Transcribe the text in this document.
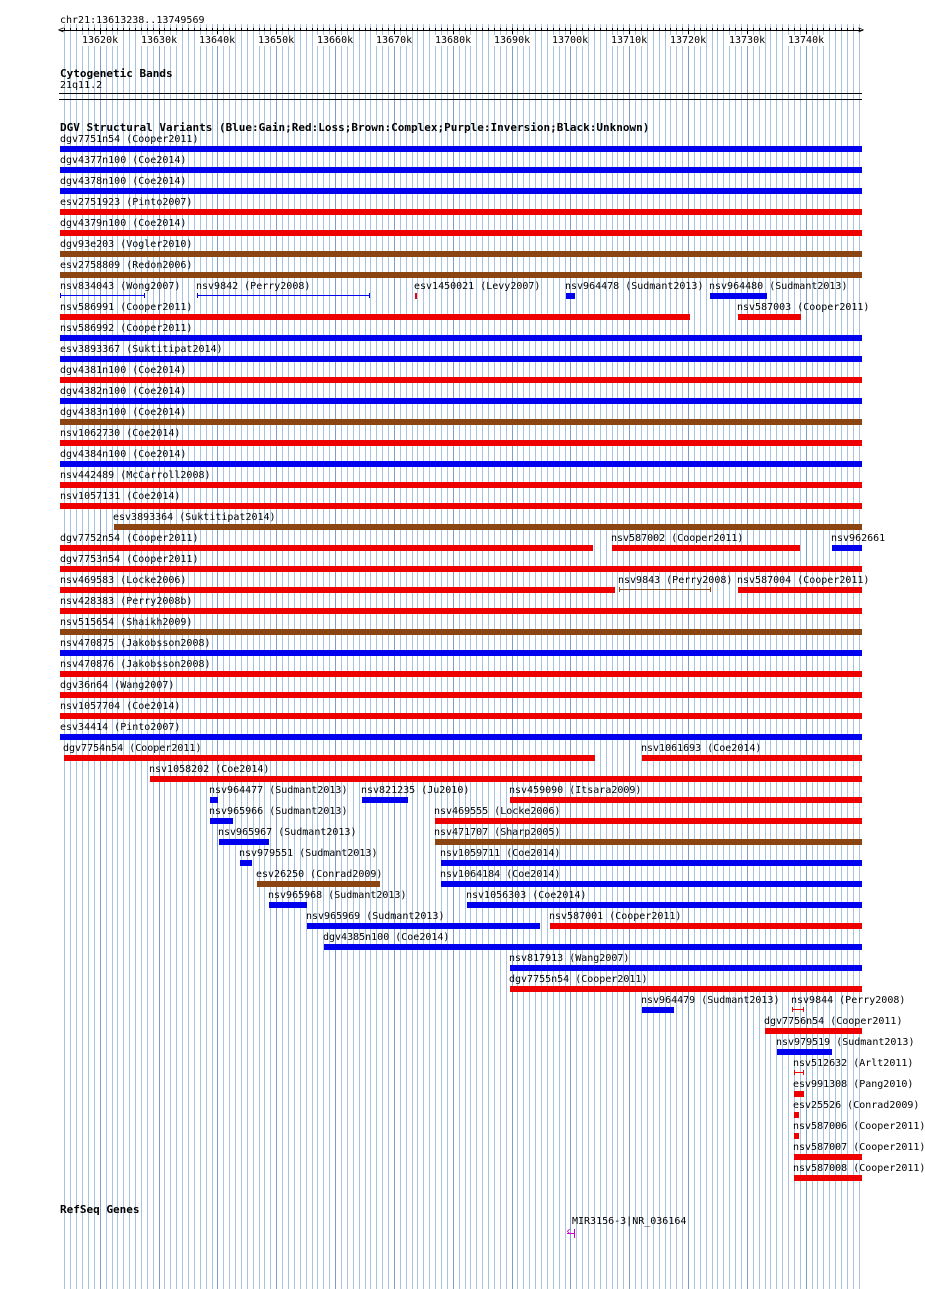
chr21:13613238..13749569
<	>
13620k 13630k 13640k 13650k 13660k 13670k 13680k 13690k 13700k 13710k 13720k 13730k 13740k
Cytogenetic Bands
21q11.2
DGV Structural Variants (Blue:Gain;Red:Loss;Brown:Complex;Purple:Inversion;Black:Unknown)
dgv7751n54 (Cooper2011)
dgv4377n100 (Coe2014)
dgv4378n100 (Coe2014)
esv2751923 (Pinto2007)
dgv4379n100 (Coe2014)
dgv93e203 (Vogler2010)
esv2758809 (Redon2006)
nsv834043 (Wong2007) nsv9842 (Perry2008)	esv1450021 (Levy2007) nsv964478 (Sudmant2013) nsv964480 (Sudmant2013)
nsv586991 (Cooper2011)	nsv587003 (Cooper2011)
nsv586992 (Cooper2011)
esv3893367 (Suktitipat2014)
dgv4381n100 (Coe2014)
dgv4382n100 (Coe2014)
dgv4383n100 (Coe2014)
nsv1062730 (Coe2014)
dgv4384n100 (Coe2014)
nsv442489 (McCarroll2008)
nsv1057131 (Coe2014)
esv3893364 (Suktitipat2014)
dgv7752n54 (Cooper2011)	nsv587002 (Cooper2011)	nsv962661
dgv7753n54 (Cooper2011)
nsv469583 (Locke2006)	nsv9843 (Perry2008) nsv587004 (Cooper2011)
nsv428383 (Perry2008b)
nsv515654 (Shaikh2009)
nsv470875 (Jakobsson2008)
nsv470876 (Jakobsson2008)
dgv36n64 (Wang2007)
nsv1057704 (Coe2014)
esv34414 (Pinto2007)
dgv7754n54 (Cooper2011)	nsv1061693 (Coe2014)
nsv1058202 (Coe2014)
nsv964477 (Sudmant2013) nsv821235 (Ju2010)	nsv459090 (Itsara2009)
nsv965966 (Sudmant2013)	nsv469555 (Locke2006)
nsv965967 (Sudmant2013)	nsv471707 (Sharp2005)
nsv979551 (Sudmant2013)	nsv1059711 (Coe2014)
esv26250 (Conrad2009)	nsv1064184 (Coe2014)
nsv965968 (Sudmant2013)	nsv1056303 (Coe2014)
nsv965969 (Sudmant2013)	nsv587001 (Cooper2011)
dgv4385n100 (Coe2014)
nsv817913 (Wang2007)
dgv7755n54 (Cooper2011)
nsv964479 (Sudmant2013) nsv9844 (Perry2008)
dgv7756n54 (Cooper2011)
nsv979519 (Sudmant2013)
nsv512632 (Arlt2011)
esv991308 (Pang2010)
esv25526 (Conrad2009)
nsv587006 (Cooper2011)
nsv587007 (Cooper2011)
nsv587008 (Cooper2011)
RefSeq Genes
MIR3156-3|NR_036164
‹
